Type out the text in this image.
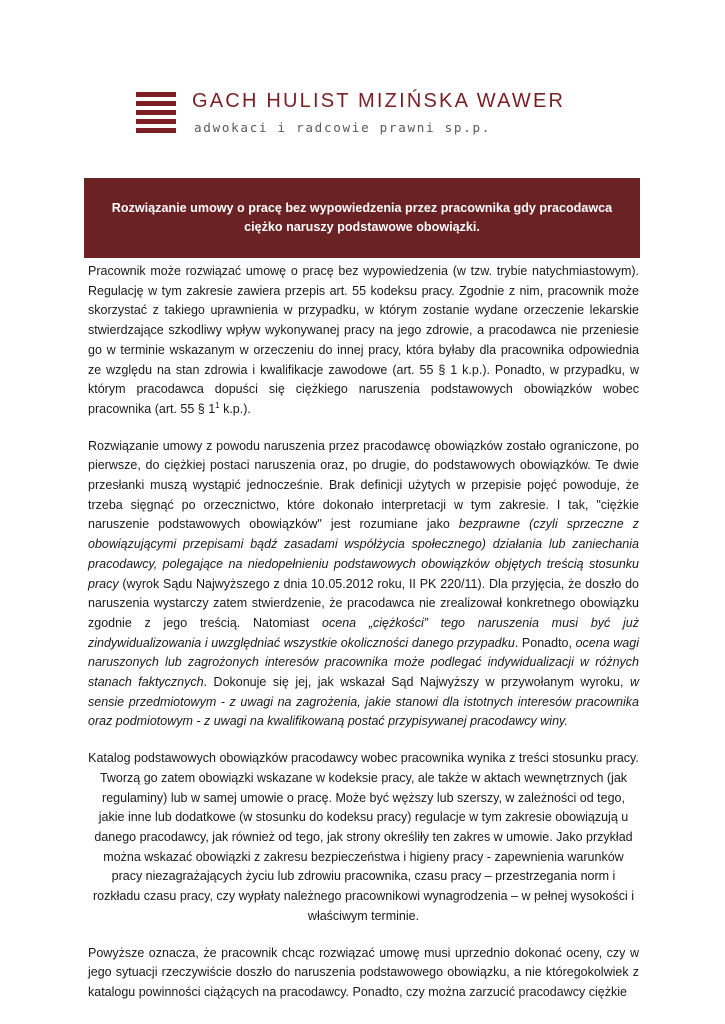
GACH HULIST MIZIŃSKA WAWER
adwokaci i radcowie prawni sp.p.
Rozwiązanie umowy o pracę bez wypowiedzenia przez pracownika gdy pracodawca ciężko naruszy podstawowe obowiązki.

Pracownik może rozwiązać umowę o pracę bez wypowiedzenia (w tzw. trybie natychmiastowym). Regulację w tym zakresie zawiera przepis art. 55 kodeksu pracy. Zgodnie z nim, pracownik może skorzystać z takiego uprawnienia w przypadku, w którym zostanie wydane orzeczenie lekarskie stwierdzające szkodliwy wpływ wykonywanej pracy na jego zdrowie, a pracodawca nie przeniesie go w terminie wskazanym w orzeczeniu do innej pracy, która byłaby dla pracownika odpowiednia ze względu na stan zdrowia i kwalifikacje zawodowe (art. 55 § 1 k.p.). Ponadto, w przypadku, w którym pracodawca dopuści się ciężkiego naruszenia podstawowych obowiązków wobec pracownika (art. 55 § $1^1$ k.p.).

Rozwiązanie umowy z powodu naruszenia przez pracodawcę obowiązków zostało ograniczone, po pierwsze, do ciężkiej postaci naruszenia oraz, po drugie, do podstawowych obowiązków. Te dwie przesłanki muszą wystąpić jednocześnie. Brak definicji użytych w przepisie pojęć powoduje, że trzeba sięgnąć po orzecznictwo, które dokonało interpretacji w tym zakresie. I tak, "ciężkie naruszenie podstawowych obowiązków" jest rozumiane jako bezprawne (czyli sprzeczne z obowiązującymi przepisami bądź zasadami współżycia społecznego) działania lub zaniechania pracodawcy, polegające na niedopełnieniu podstawowych obowiązków objętych treścią stosunku pracy (wyrok Sądu Najwyższego z dnia 10.05.2012 roku, II PK 220/11). Dla przyjęcia, że doszło do naruszenia wystarczy zatem stwierdzenie, że pracodawca nie zrealizował konkretnego obowiązku zgodnie z jego treścią. Natomiast ocena „ciężkości” tego naruszenia musi być już zindywidualizowania i uwzględniać wszystkie okoliczności danego przypadku. Ponadto, ocena wagi naruszonych lub zagrożonych interesów pracownika może podlegać indywidualizacji w różnych stanach faktycznych. Dokonuje się jej, jak wskazał Sąd Najwyższy w przywołanym wyroku, w sensie przedmiotowym - z uwagi na zagrożenia, jakie stanowi dla istotnych interesów pracownika oraz podmiotowym - z uwagi na kwalifikowaną postać przypisywanej pracodawcy winy.

Katalog podstawowych obowiązków pracodawcy wobec pracownika wynika z treści stosunku pracy. Tworzą go zatem obowiązki wskazane w kodeksie pracy, ale także w aktach wewnętrznych (jak regulaminy) lub w samej umowie o pracę. Może być węższy lub szerszy, w zależności od tego, jakie inne lub dodatkowe (w stosunku do kodeksu pracy) regulacje w tym zakresie obowiązują u danego pracodawcy, jak również od tego, jak strony określiły ten zakres w umowie. Jako przykład można wskazać obowiązki z zakresu bezpieczeństwa i higieny pracy - zapewnienia warunków pracy niezagrażających życiu lub zdrowiu pracownika, czasu pracy – przestrzegania norm i rozkładu czasu pracy, czy wypłaty należnego pracownikowi wynagrodzenia – w pełnej wysokości i właściwym terminie.

Powyższe oznacza, że pracownik chcąc rozwiązać umowę musi uprzednio dokonać oceny, czy w jego sytuacji rzeczywiście doszło do naruszenia podstawowego obowiązku, a nie któregokolwiek z katalogu powinności ciążących na pracodawcy. Ponadto, czy można zarzucić pracodawcy ciężkie
